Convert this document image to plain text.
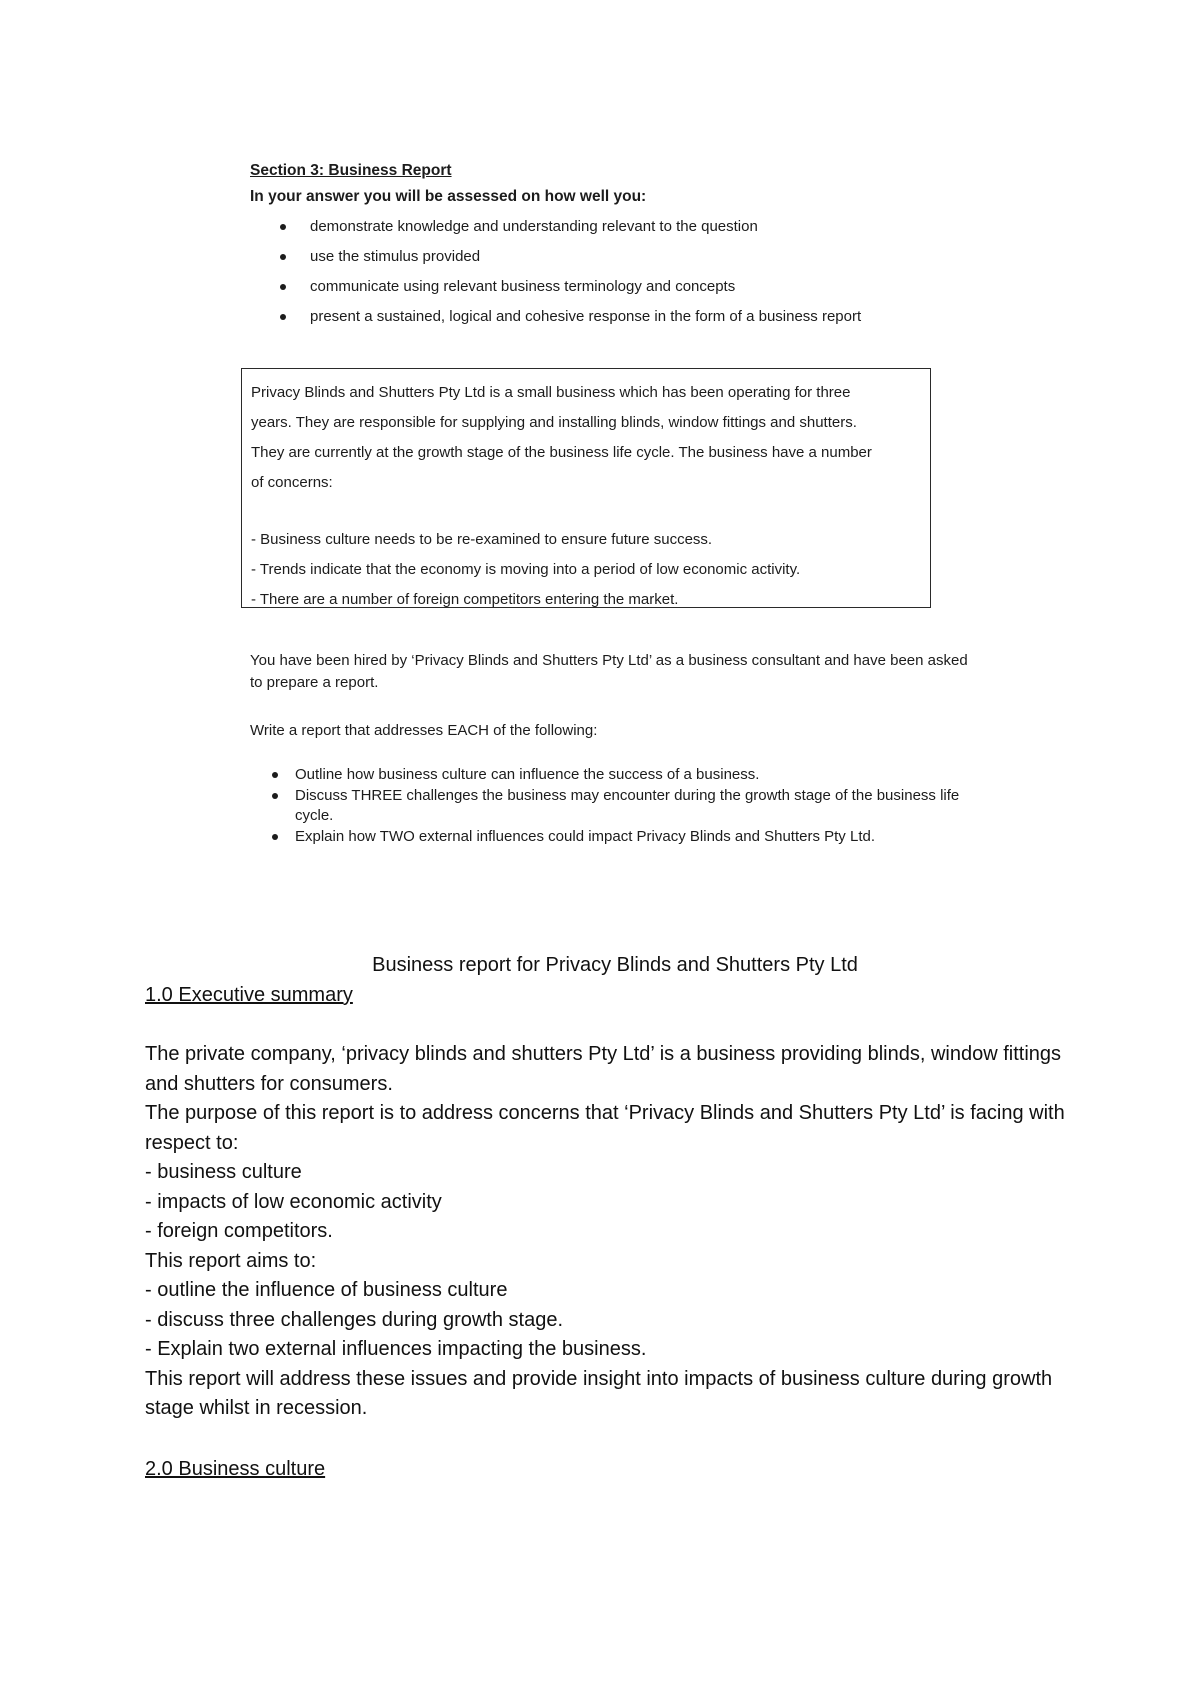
Section 3: Business Report
In your answer you will be assessed on how well you:
demonstrate knowledge and understanding relevant to the question
use the stimulus provided
communicate using relevant business terminology and concepts
present a sustained, logical and cohesive response in the form of a business report

Privacy Blinds and Shutters Pty Ltd is a small business which has been operating for three

years. They are responsible for supplying and installing blinds, window fittings and shutters.

They are currently at the growth stage of the business life cycle. The business have a number

of concerns:

- Business culture needs to be re-examined to ensure future success.

- Trends indicate that the economy is moving into a period of low economic activity.

- There are a number of foreign competitors entering the market.

You have been hired by ‘Privacy Blinds and Shutters Pty Ltd’ as a business consultant and have been asked to prepare a report.

Write a report that addresses EACH of the following:

Outline how business culture can influence the success of a business.
Discuss THREE challenges the business may encounter during the growth stage of the business life cycle.
Explain how TWO external influences could impact Privacy Blinds and Shutters Pty Ltd.
Business report for Privacy Blinds and Shutters Pty Ltd
1.0 Executive summary

The private company, ‘privacy blinds and shutters Pty Ltd’ is a business providing blinds, window fittings and shutters for consumers.

The purpose of this report is to address concerns that ‘Privacy Blinds and Shutters Pty Ltd’ is facing with respect to:

- business culture

- impacts of low economic activity

- foreign competitors.

This report aims to:

- outline the influence of business culture

- discuss three challenges during growth stage.

- Explain two external influences impacting the business.

This report will address these issues and provide insight into impacts of business culture during growth stage whilst in recession.

2.0 Business culture
